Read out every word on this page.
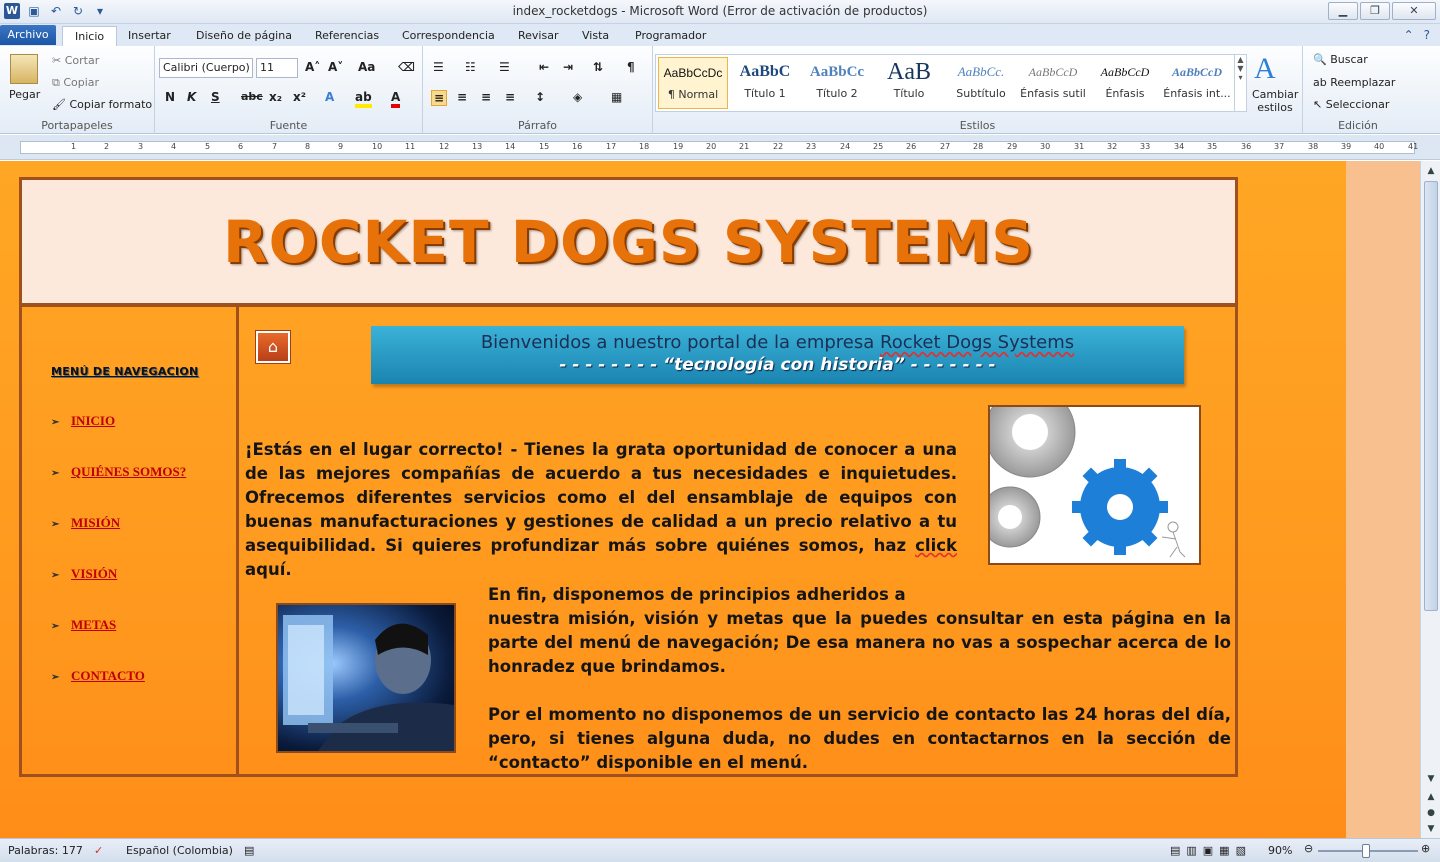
W ▣ ↶ ↻	▾	index_rocketdogs - Microsoft Word (Error de activación de productos)	▁	❐	✕
Archivo	Inicio	Insertar Diseño de página Referencias Correspondencia Revisar Vista Programador	⌃ ?
Pegar
✂ Cortar
⧉ Copiar
🖌 Copiar formato
Portapapeles
Calibri (Cuerpo) 11	A˄ A˅ Aa ⌫
N K S abc x₂ x² A ab A
Fuente
☰ ☷ ☰ ⇤ ⇥ ⇅ ¶
≡ ≡ ≡ ≡ ↕ ◈ ▦
Párrafo	Estilos
AaBbCcDc
¶ Normal
AaBbC
Título 1
AaBbCc
Título 2
AaB
Título
AaBbCc.
Subtítulo
AaBbCcD
Énfasis sutil
AaBbCcD
Énfasis
AaBbCcD
Énfasis int...
▲
▼
▾ A
Cambiar estilos
🔍 Buscar
ab Reemplazar
↖ Seleccionar
Edición
1	2	3	4	5	6	7	8	9	10	11	12	13	14	15	16	17	18	19	20	21	22	23	24	25	26	27	28	29	30	31	32	33	34	35	36	37	38	39	40	41
ROCKET DOGS SYSTEMS
MENÚ DE NAVEGACION
➢ INICIO
➢ QUIÉNES SOMOS?
➢ MISIÓN
➢ VISIÓN
➢ METAS
➢ CONTACTO
⌂	Bienvenidos a nuestro portal de la empresa Rocket Dogs Systems
- - - - - - - - “tecnología con historia” - - - - - - -
¡Estás en el lugar correcto! - Tienes la grata oportunidad de conocer a una de las mejores compañías de acuerdo a tus necesidades e inquietudes. Ofrecemos diferentes servicios como el del ensamblaje de equipos con buenas manufacturaciones y gestiones de calidad a un precio relativo a tu asequibilidad. Si quieres profundizar más sobre quiénes somos, haz click aquí.
En fin, disponemos de principios adheridos a
nuestra misión, visión y metas que la puedes consultar en esta página en la parte del menú de navegación; De esa manera no vas a sospechar acerca de lo honradez que brindamos.
Por el momento no disponemos de un servicio de contacto las 24 horas del día, pero, si tienes alguna duda, no dudes en contactarnos en la sección de “contacto” disponible en el menú.
▲
▼
▲
●
▼
Palabras: 177 ✓ Español (Colombia) ▤	▤▥▣▦▧ 90% ⊖	⊕
